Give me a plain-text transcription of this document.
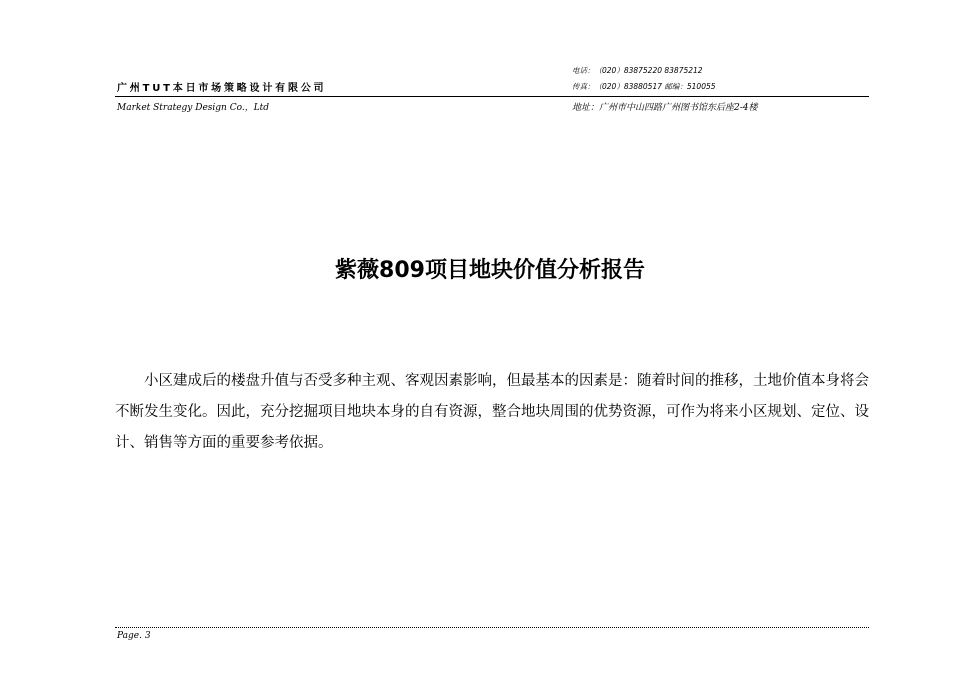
电话：（020）83875220 83875212
传真：（020）83880517 邮编：510055
广州TUT本日市场策略设计有限公司
Market Strategy Design Co.，Ltd	地址：广州市中山四路广州图书馆东后座2-4楼
紫薇809项目地块价值分析报告

小区建成后的楼盘升值与否受多种主观、客观因素影响，但最基本的因素是：随着时间的推移，土地价值本身将会不断发生变化。因此，充分挖掘项目地块本身的自有资源，整合地块周围的优势资源，可作为将来小区规划、定位、设计、销售等方面的重要参考依据。

Page. 3
